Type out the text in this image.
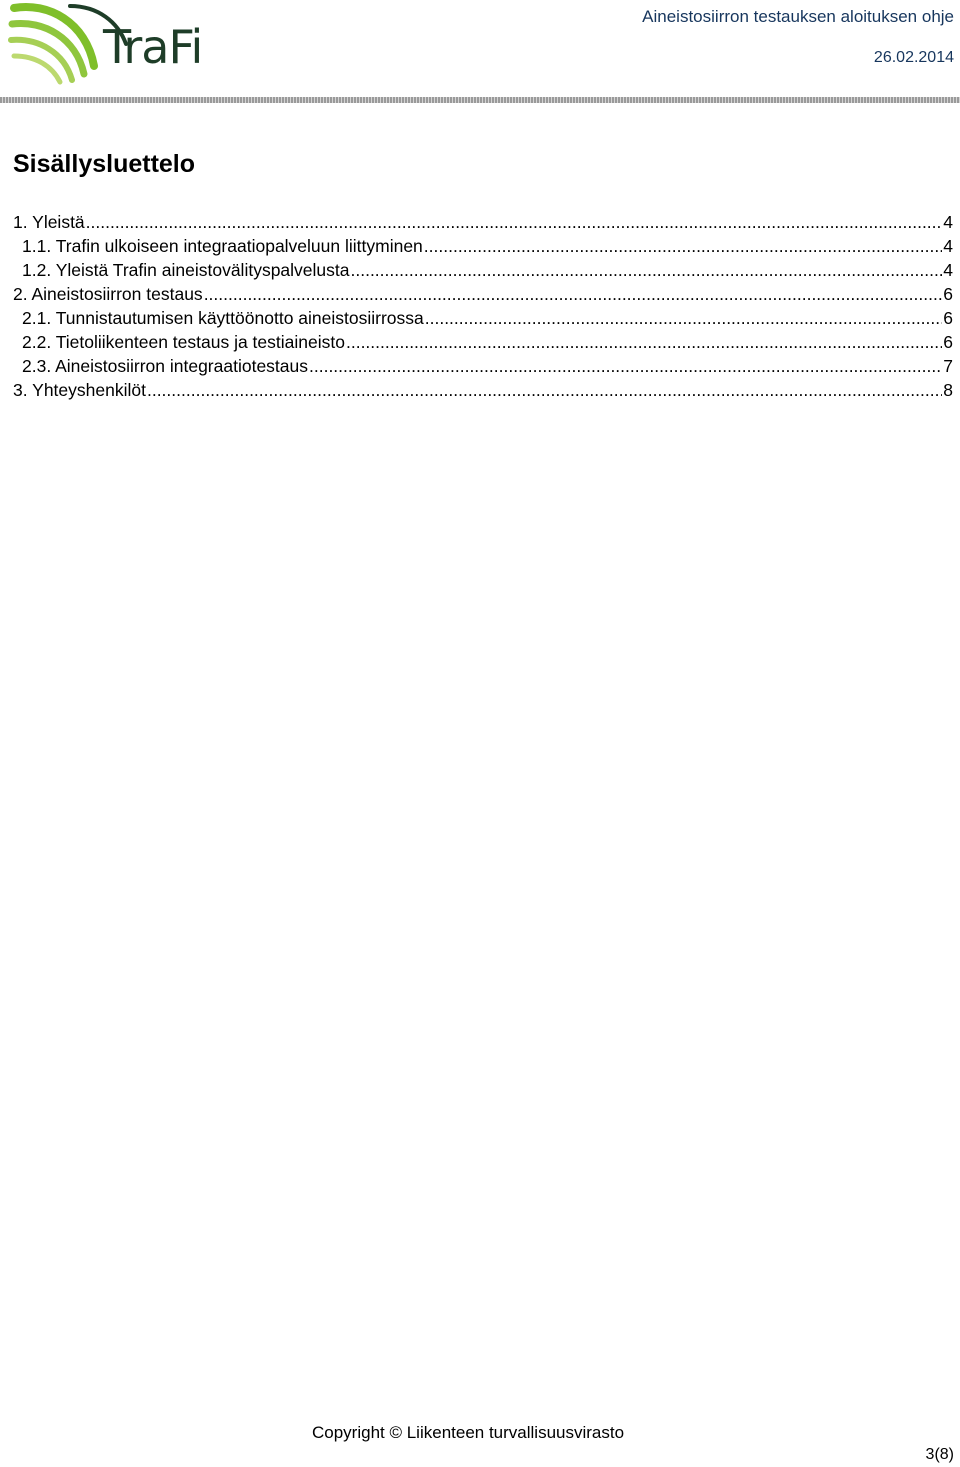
TraFi
Aineistosiirron testauksen aloituksen ohje
26.02.2014
Sisällysluettelo
1. Yleistä .....	4
1.1. Trafin ulkoiseen integraatiopalveluun liittyminen .....	4
1.2. Yleistä Trafin aineistovälityspalvelusta .....	4
2. Aineistosiirron testaus .....	6
2.1. Tunnistautumisen käyttöönotto aineistosiirrossa .....	6
2.2. Tietoliikenteen testaus ja testiaineisto .....	6
2.3. Aineistosiirron integraatiotestaus .....	7
3. Yhteyshenkilöt .....	8
Copyright © Liikenteen turvallisuusvirasto
3(8)
